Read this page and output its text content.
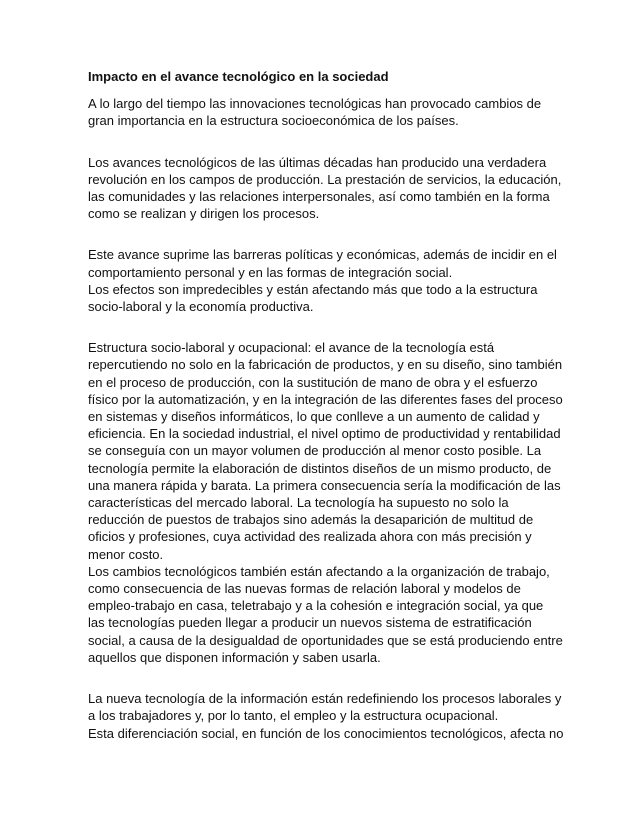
Impacto en el avance tecnológico en la sociedad
A lo largo del tiempo las innovaciones tecnológicas han provocado cambios de
gran importancia en la estructura socioeconómica de los países.
Los avances tecnológicos de las últimas décadas han producido una verdadera
revolución en los campos de producción. La prestación de servicios, la educación,
las comunidades y las relaciones interpersonales, así como también en la forma
como se realizan y dirigen los procesos.
Este avance suprime las barreras políticas y económicas, además de incidir en el
comportamiento personal y en las formas de integración social.
Los efectos son impredecibles y están afectando más que todo a la estructura
socio-laboral y la economía productiva.
Estructura socio-laboral y ocupacional: el avance de la tecnología está
repercutiendo no solo en la fabricación de productos, y en su diseño, sino también
en el proceso de producción, con la sustitución de mano de obra y el esfuerzo
físico por la automatización, y en la integración de las diferentes fases del proceso
en sistemas y diseños informáticos, lo que conlleve a un aumento de calidad y
eficiencia. En la sociedad industrial, el nivel optimo de productividad y rentabilidad
se conseguía con un mayor volumen de producción al menor costo posible. La
tecnología permite la elaboración de distintos diseños de un mismo producto, de
una manera rápida y barata. La primera consecuencia sería la modificación de las
características del mercado laboral. La tecnología ha supuesto no solo la
reducción de puestos de trabajos sino además la desaparición de multitud de
oficios y profesiones, cuya actividad des realizada ahora con más precisión y
menor costo.
Los cambios tecnológicos también están afectando a la organización de trabajo,
como consecuencia de las nuevas formas de relación laboral y modelos de
empleo-trabajo en casa, teletrabajo y a la cohesión e integración social, ya que
las tecnologías pueden llegar a producir un nuevos sistema de estratificación
social, a causa de la desigualdad de oportunidades que se está produciendo entre
aquellos que disponen información y saben usarla.
La nueva tecnología de la información están redefiniendo los procesos laborales y
a los trabajadores y, por lo tanto, el empleo y la estructura ocupacional.
Esta diferenciación social, en función de los conocimientos tecnológicos, afecta no
